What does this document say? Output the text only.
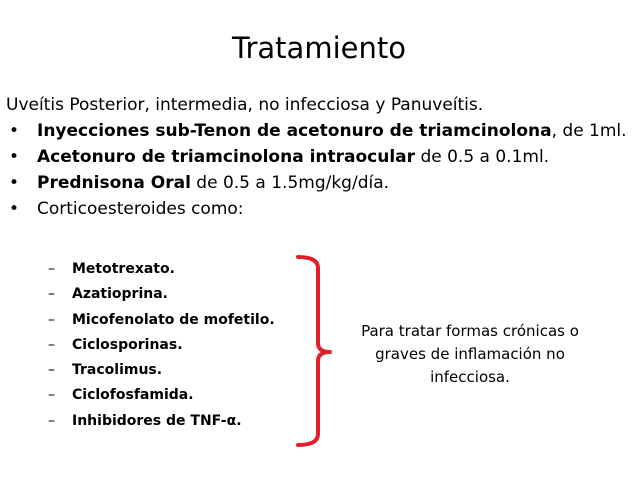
Tratamiento
Uveítis Posterior, intermedia, no infecciosa y Panuveítis.
• Inyecciones sub-Tenon de acetonuro de triamcinolona, de 1ml.
• Acetonuro de triamcinolona intraocular de 0.5 a 0.1ml.
• Prednisona Oral de 0.5 a 1.5mg/kg/día.
• Corticoesteroides como:
– Metotrexato.
– Azatioprina.
– Micofenolato de mofetilo.
– Ciclosporinas.
– Tracolimus.
– Ciclofosfamida.
– Inhibidores de TNF-α.
Para tratar formas crónicas o graves de inflamación no infecciosa.
